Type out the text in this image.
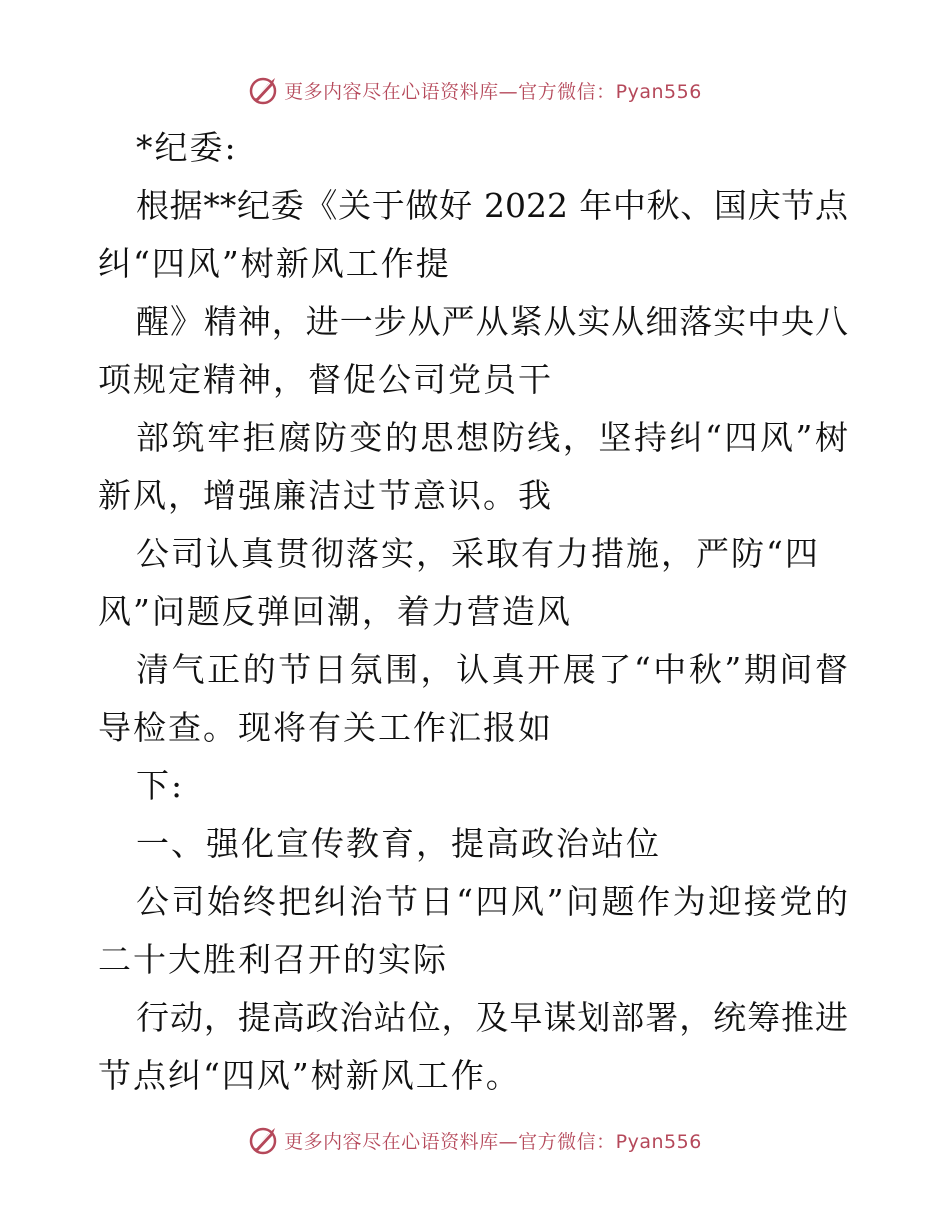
更多内容尽在心语资料库—官方微信：Pyan556
*纪委:
根据**纪委《关于做好 2022 年中秋、国庆节点
纠“四风”树新风工作提
醒》精神，进一步从严从紧从实从细落实中央八
项规定精神，督促公司党员干
部筑牢拒腐防变的思想防线，坚持纠“四风”树
新风，增强廉洁过节意识。我
公司认真贯彻落实，采取有力措施，严防“四
风”问题反弹回潮，着力营造风
清气正的节日氛围，认真开展了“中秋”期间督
导检查。现将有关工作汇报如
下:
一、强化宣传教育，提高政治站位
公司始终把纠治节日“四风”问题作为迎接党的
二十大胜利召开的实际
行动，提高政治站位，及早谋划部署，统筹推进
节点纠“四风”树新风工作。
更多内容尽在心语资料库—官方微信：Pyan556
